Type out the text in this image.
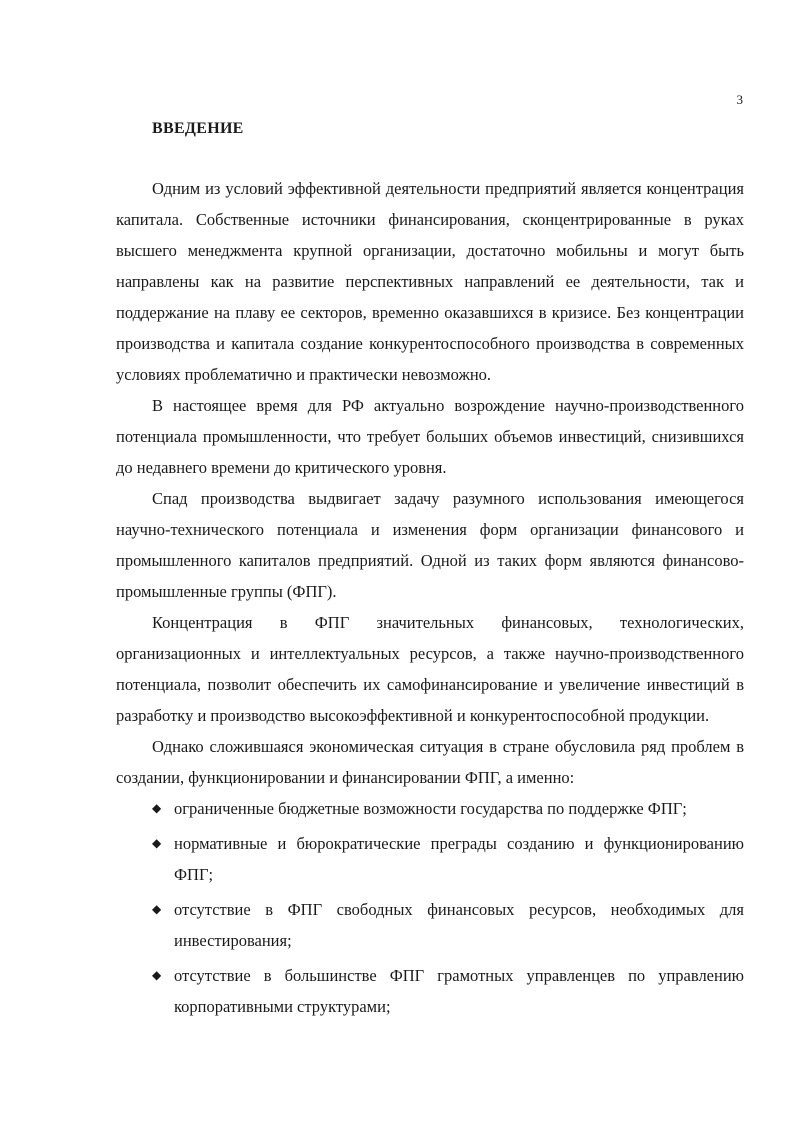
3
ВВЕДЕНИЕ

Одним из условий эффективной деятельности предприятий является концентрация капитала. Собственные источники финансирования, сконцентрированные в руках высшего менеджмента крупной организации, достаточно мобильны и могут быть направлены как на развитие перспективных направлений ее деятельности, так и поддержание на плаву ее секторов, временно оказавшихся в кризисе. Без концентрации производства и капитала создание конкурентоспособного производства в современных условиях проблематично и практически невозможно.

В настоящее время для РФ актуально возрождение научно-производственного потенциала промышленности, что требует больших объемов инвестиций, снизившихся до недавнего времени до критического уровня.

Спад производства выдвигает задачу разумного использования имеющегося научно-технического потенциала и изменения форм организации финансового и промышленного капиталов предприятий. Одной из таких форм являются финансово-промышленные группы (ФПГ).

Концентрация в ФПГ значительных финансовых, технологических, организационных и интеллектуальных ресурсов, а также научно-производственного потенциала, позволит обеспечить их самофинансирование и увеличение инвестиций в разработку и производство высокоэффективной и конкурентоспособной продукции.

Однако сложившаяся экономическая ситуация в стране обусловила ряд проблем в создании, функционировании и финансировании ФПГ, а именно:

◆ ограниченные бюджетные возможности государства по поддержке ФПГ;
◆ нормативные и бюрократические преграды созданию и функционированию ФПГ;
◆ отсутствие в ФПГ свободных финансовых ресурсов, необходимых для инвестирования;
◆ отсутствие в большинстве ФПГ грамотных управленцев по управлению корпоративными структурами;
